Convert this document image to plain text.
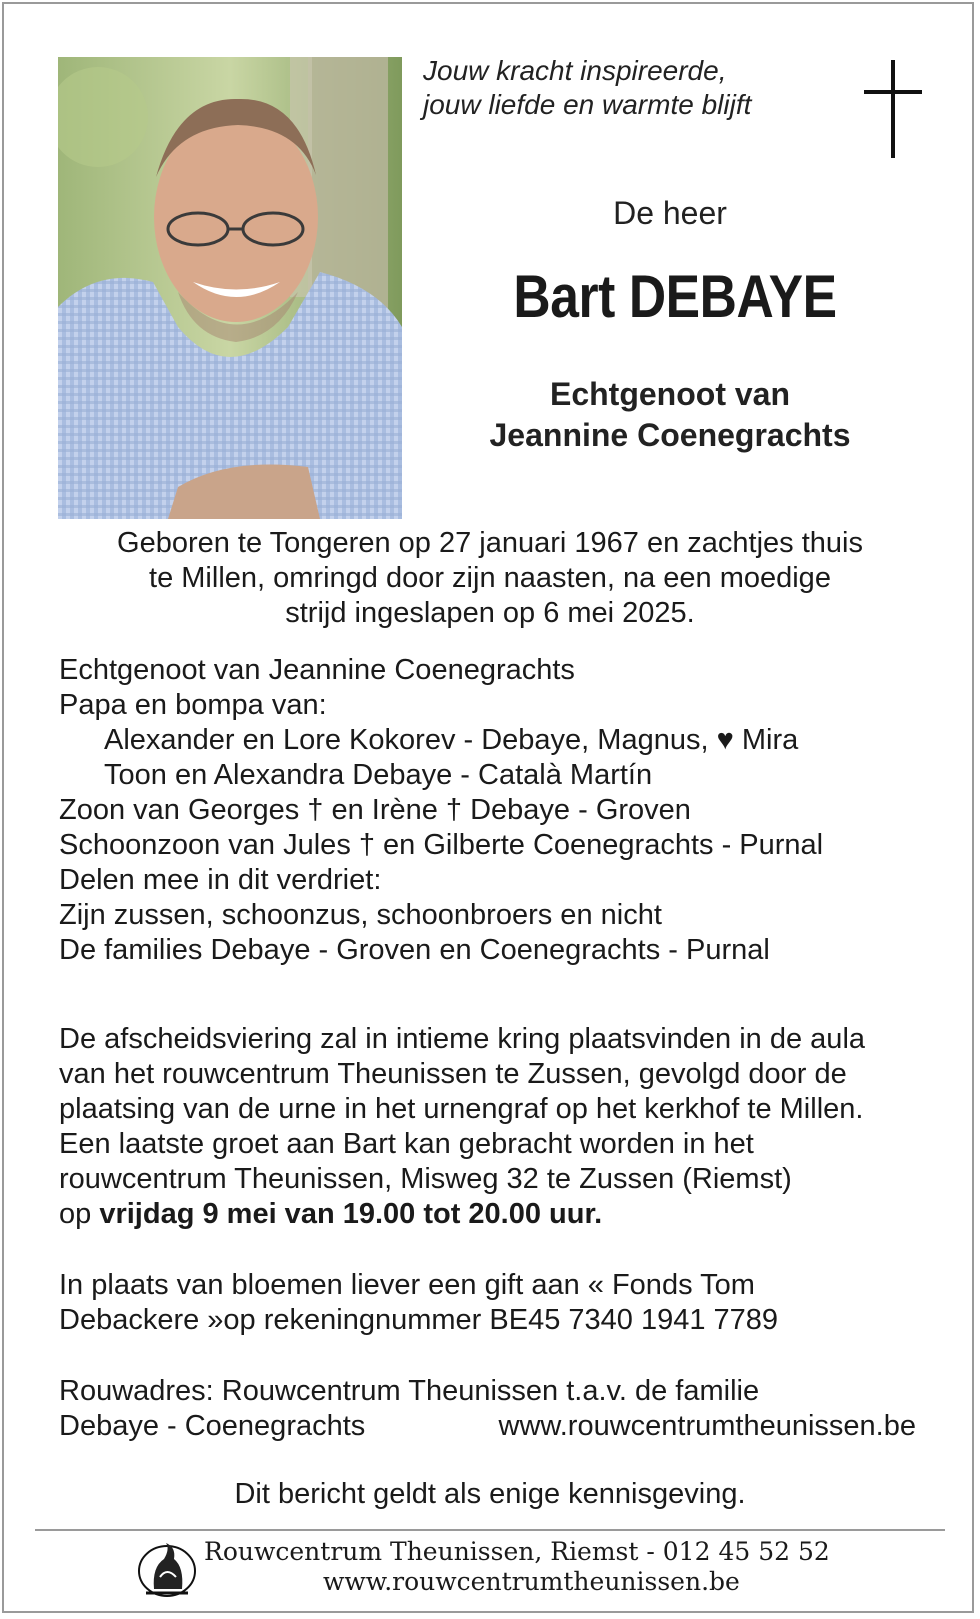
Jouw kracht inspireerde,
jouw liefde en warmte blijft
De heer
Bart DEBAYE
Echtgenoot van
Jeannine Coenegrachts
Geboren te Tongeren op 27 januari 1967 en zachtjes thuis
te Millen, omringd door zijn naasten, na een moedige
strijd ingeslapen op 6 mei 2025.
Echtgenoot van Jeannine Coenegrachts
Papa en bompa van:
Alexander en Lore Kokorev - Debaye, Magnus, ♥ Mira
Toon en Alexandra Debaye - Català Martín
Zoon van Georges † en Irène † Debaye - Groven
Schoonzoon van Jules † en Gilberte Coenegrachts - Purnal
Delen mee in dit verdriet:
Zijn zussen, schoonzus, schoonbroers en nicht
De families Debaye - Groven en Coenegrachts - Purnal
De afscheidsviering zal in intieme kring plaatsvinden in de aula
van het rouwcentrum Theunissen te Zussen, gevolgd door de
plaatsing van de urne in het urnengraf op het kerkhof te Millen.
Een laatste groet aan Bart kan gebracht worden in het
rouwcentrum Theunissen, Misweg 32 te Zussen (Riemst)
op vrijdag 9 mei van 19.00 tot 20.00 uur.
In plaats van bloemen liever een gift aan « Fonds Tom
Debackere »op rekeningnummer BE45 7340 1941 7789
Rouwadres: Rouwcentrum Theunissen t.a.v. de familie
Debaye - Coenegrachts	www.rouwcentrumtheunissen.be
Dit bericht geldt als enige kennisgeving.
Rouwcentrum Theunissen, Riemst - 012 45 52 52
www.rouwcentrumtheunissen.be
